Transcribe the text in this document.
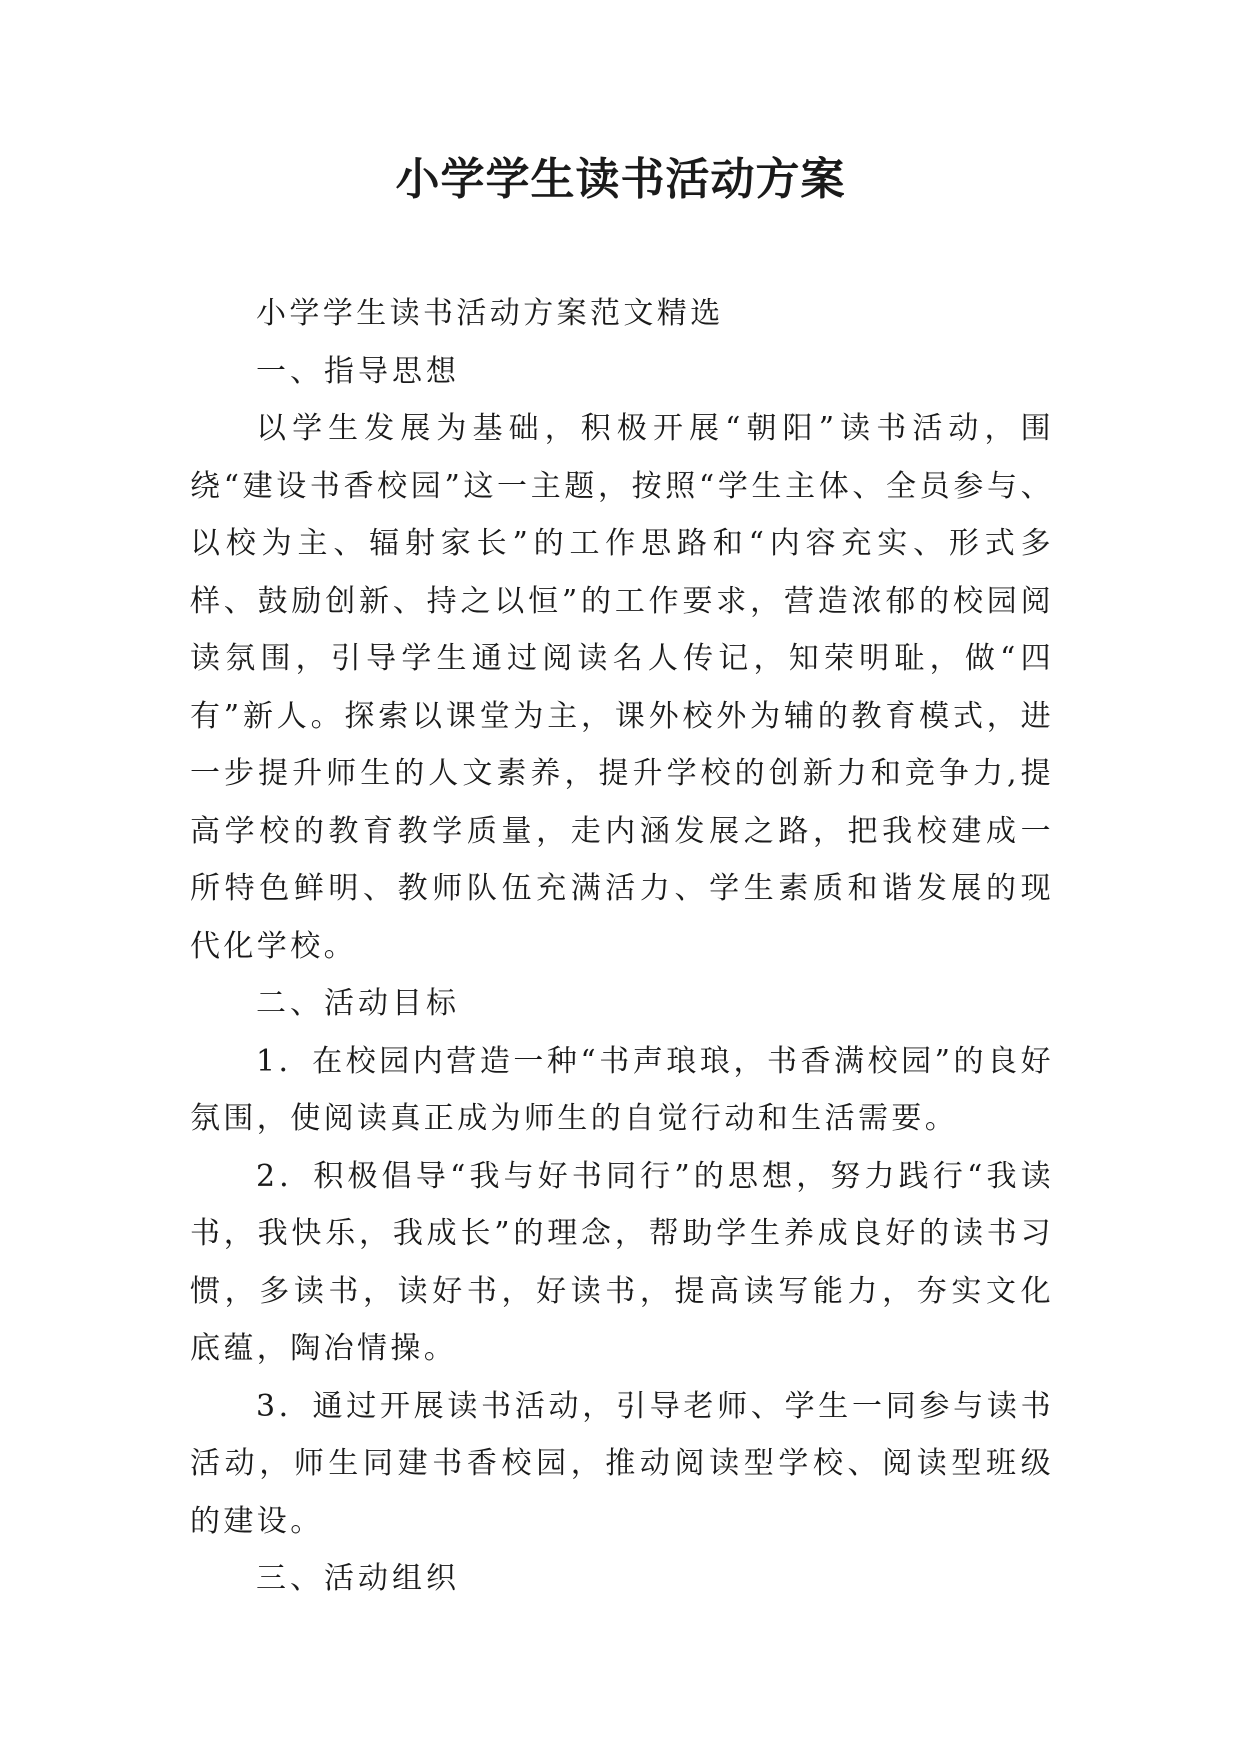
小学学生读书活动方案

小学学生读书活动方案范文精选

一、指导思想

以学生发展为基础，积极开展“朝阳”读书活动，围绕“建设书香校园”这一主题，按照“学生主体、全员参与、以校为主、辐射家长”的工作思路和“内容充实、形式多样、鼓励创新、持之以恒”的工作要求，营造浓郁的校园阅读氛围，引导学生通过阅读名人传记，知荣明耻，做“四有”新人。探索以课堂为主，课外校外为辅的教育模式，进一步提升师生的人文素养，提升学校的创新力和竞争力,提高学校的教育教学质量，走内涵发展之路，把我校建成一所特色鲜明、教师队伍充满活力、学生素质和谐发展的现代化学校。

二、活动目标

1．在校园内营造一种“书声琅琅，书香满校园”的良好氛围，使阅读真正成为师生的自觉行动和生活需要。

2．积极倡导“我与好书同行”的思想，努力践行“我读书，我快乐，我成长”的理念，帮助学生养成良好的读书习惯，多读书，读好书，好读书，提高读写能力，夯实文化底蕴，陶冶情操。

3．通过开展读书活动，引导老师、学生一同参与读书活动，师生同建书香校园，推动阅读型学校、阅读型班级的建设。

三、活动组织
